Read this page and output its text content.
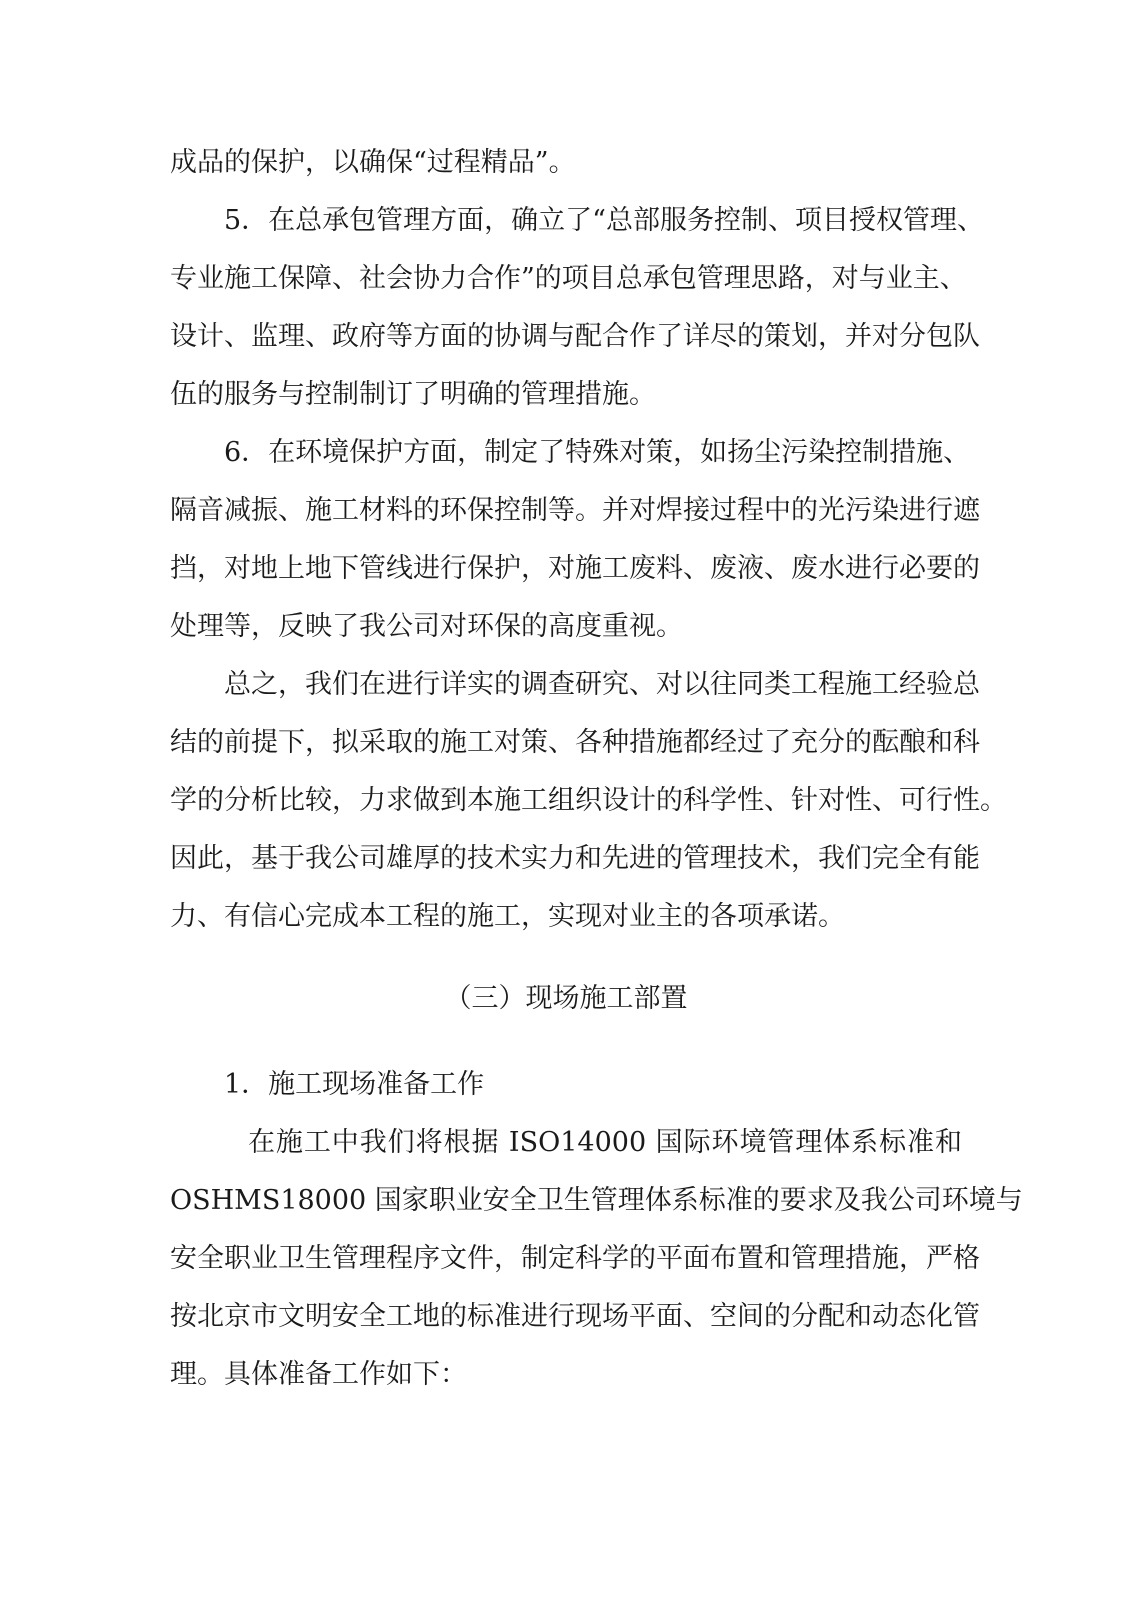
成品的保护，以确保“过程精品”。
5．在总承包管理方面，确立了“总部服务控制、项目授权管理、
专业施工保障、社会协力合作”的项目总承包管理思路，对与业主、
设计、监理、政府等方面的协调与配合作了详尽的策划，并对分包队
伍的服务与控制制订了明确的管理措施。
6．在环境保护方面，制定了特殊对策，如扬尘污染控制措施、
隔音减振、施工材料的环保控制等。并对焊接过程中的光污染进行遮
挡，对地上地下管线进行保护，对施工废料、废液、废水进行必要的
处理等，反映了我公司对环保的高度重视。
总之，我们在进行详实的调查研究、对以往同类工程施工经验总
结的前提下，拟采取的施工对策、各种措施都经过了充分的酝酿和科
学的分析比较，力求做到本施工组织设计的科学性、针对性、可行性。
因此，基于我公司雄厚的技术实力和先进的管理技术，我们完全有能
力、有信心完成本工程的施工，实现对业主的各项承诺。
（三）现场施工部置
1．施工现场准备工作
在施工中我们将根据 ISO14000 国际环境管理体系标准和
OSHMS18000 国家职业安全卫生管理体系标准的要求及我公司环境与
安全职业卫生管理程序文件，制定科学的平面布置和管理措施，严格
按北京市文明安全工地的标准进行现场平面、空间的分配和动态化管
理。具体准备工作如下：
